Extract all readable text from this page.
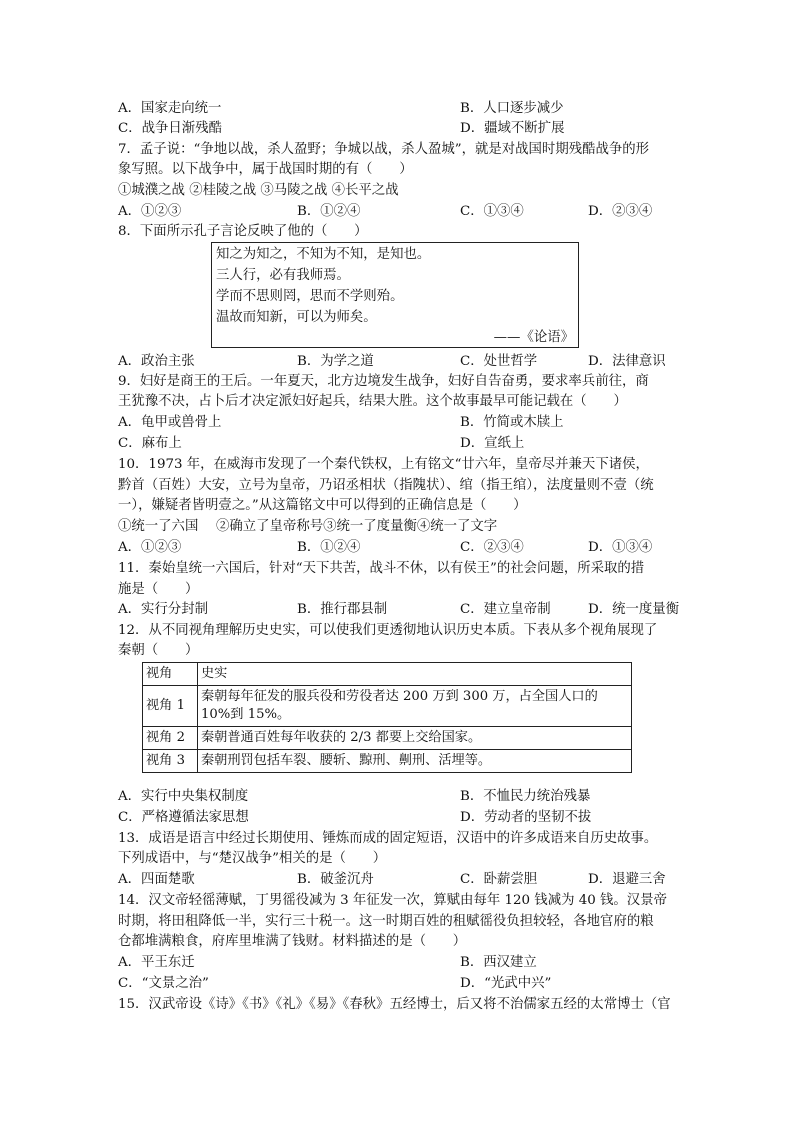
A．国家走向统一	B．人口逐步减少
C．战争日渐残酷	D．疆域不断扩展
7．孟子说：“争地以战，杀人盈野；争城以战，杀人盈城”，就是对战国时期残酷战争的形
象写照。以下战争中，属于战国时期的有（　　）
①城濮之战 ②桂陵之战 ③马陵之战 ④长平之战
A．①②③	B．①②④	C．①③④	D．②③④
8．下面所示孔子言论反映了他的（　　）
知之为知之，不知为不知，是知也。
三人行，必有我师焉。
学而不思则罔，思而不学则殆。
温故而知新，可以为师矣。
——《论语》
A．政治主张	B．为学之道	C．处世哲学	D．法律意识
9．妇好是商王的王后。一年夏天，北方边境发生战争，妇好自告奋勇，要求率兵前往，商
王犹豫不决，占卜后才决定派妇好起兵，结果大胜。这个故事最早可能记载在（　　）
A．龟甲或兽骨上	B．竹简或木牍上
C．麻布上	D．宣纸上
10．1973 年，在威海市发现了一个秦代铁权，上有铭文“廿六年，皇帝尽并兼天下诸侯，
黔首（百姓）大安，立号为皇帝，乃诏丞相状（指隗状）、绾（指王绾），法度量则不壹（统
一），嫌疑者皆明壹之。”从这篇铭文中可以得到的正确信息是（　　）
①统一了六国　 ②确立了皇帝称号③统一了度量衡④统一了文字
A．①②③	B．①②④	C．②③④	D．①③④
11．秦始皇统一六国后，针对“天下共苦，战斗不休，以有侯王”的社会问题，所采取的措
施是（　　）
A．实行分封制	B．推行郡县制	C．建立皇帝制	D．统一度量衡
12．从不同视角理解历史史实，可以使我们更透彻地认识历史本质。下表从多个视角展现了
秦朝（　　）
视角	史实
视角 1	秦朝每年征发的服兵役和劳役者达 200 万到 300 万，占全国人口的 10%到 15%。
视角 2	秦朝普通百姓每年收获的 2/3 都要上交给国家。
视角 3	秦朝刑罚包括车裂、腰斩、黥刑、劓刑、活埋等。
A．实行中央集权制度	B．不恤民力统治残暴
C．严格遵循法家思想	D．劳动者的坚韧不拔
13．成语是语言中经过长期使用、锤炼而成的固定短语，汉语中的许多成语来自历史故事。
下列成语中，与“楚汉战争”相关的是（　　）
A．四面楚歌	B．破釜沉舟	C．卧薪尝胆	D．退避三舍
14．汉文帝轻徭薄赋，丁男徭役减为 3 年征发一次，算赋由每年 120 钱减为 40 钱。汉景帝
时期，将田租降低一半，实行三十税一。这一时期百姓的租赋徭役负担较轻，各地官府的粮
仓都堆满粮食，府库里堆满了钱财。材料描述的是（　　）
A．平王东迁	B．西汉建立
C．“文景之治”	D．“光武中兴”
15．汉武帝设《诗》《书》《礼》《易》《春秋》五经博士，后又将不治儒家五经的太常博士（官
